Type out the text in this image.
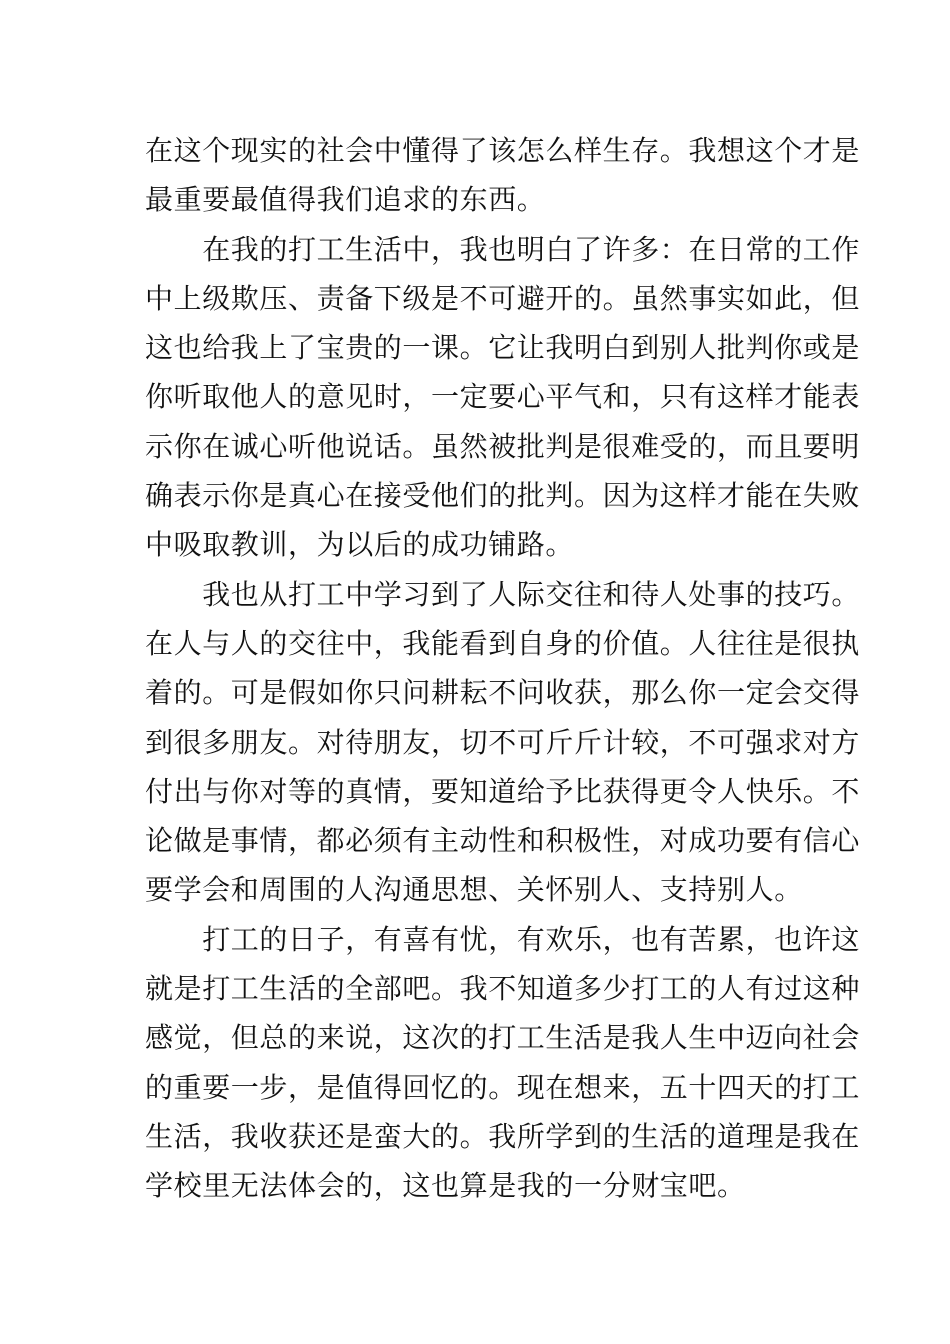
在这个现实的社会中懂得了该怎么样生存。我想这个才是
最重要最值得我们追求的东西。
　　在我的打工生活中，我也明白了许多：在日常的工作
中上级欺压、责备下级是不可避开的。虽然事实如此，但
这也给我上了宝贵的一课。它让我明白到别人批判你或是
你听取他人的意见时，一定要心平气和，只有这样才能表
示你在诚心听他说话。虽然被批判是很难受的，而且要明
确表示你是真心在接受他们的批判。因为这样才能在失败
中吸取教训，为以后的成功铺路。
　　我也从打工中学习到了人际交往和待人处事的技巧。
在人与人的交往中，我能看到自身的价值。人往往是很执
着的。可是假如你只问耕耘不问收获，那么你一定会交得
到很多朋友。对待朋友，切不可斤斤计较，不可强求对方
付出与你对等的真情，要知道给予比获得更令人快乐。不
论做是事情，都必须有主动性和积极性，对成功要有信心
要学会和周围的人沟通思想、关怀别人、支持别人。
　　打工的日子，有喜有忧，有欢乐，也有苦累，也许这
就是打工生活的全部吧。我不知道多少打工的人有过这种
感觉，但总的来说，这次的打工生活是我人生中迈向社会
的重要一步，是值得回忆的。现在想来，五十四天的打工
生活，我收获还是蛮大的。我所学到的生活的道理是我在
学校里无法体会的，这也算是我的一分财宝吧。
